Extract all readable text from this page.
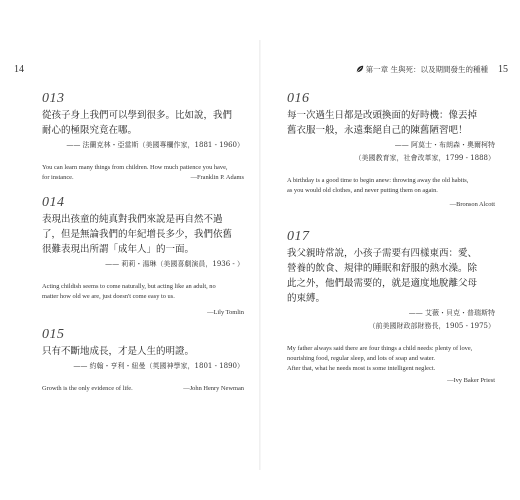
14
013
從孩子身上我們可以學到很多。比如說，我們
耐心的極限究竟在哪。
—— 法蘭克林・亞當斯（美國專欄作家，1881 - 1960）
You can learn many things from children. How much patience you have,
for instance.	—Franklin P. Adams
014
表現出孩童的純真對我們來說是再自然不過
了，但是無論我們的年紀增長多少，我們依舊
很難表現出所謂「成年人」的一面。
—— 莉莉・湯琳（美國喜劇演員，1936 - ）
Acting childish seems to come naturally, but acting like an adult, no
matter how old we are, just doesn't come easy to us.
—Lily Tomlin
015
只有不斷地成長，才是人生的明證。
—— 約翰・亨利・紐曼（英國神學家，1801 - 1890）
Growth is the only evidence of life.	—John Henry Newman
第一章 生與死：以及期間發生的種種 15
016
每一次過生日都是改頭換面的好時機：像丟掉
舊衣服一般，永遠棄絕自己的陳舊陋習吧！
—— 阿莫士・布朗森・奧爾柯特
（美國教育家，社會改革家，1799 - 1888）
A birthday is a good time to begin anew: throwing away the old habits,
as you would old clothes, and never putting them on again.
—Bronson Alcott
017
我父親時常說，小孩子需要有四樣東西：愛、
營養的飲食、規律的睡眠和舒服的熱水澡。除
此之外，他們最需要的，就是適度地脫離父母
的束縛。
—— 艾薇・貝克・普瑞斯特
（前美國財政部財務長，1905 - 1975）
My father always said there are four things a child needs: plenty of love,
nourishing food, regular sleep, and lots of soap and water.
After that, what he needs most is some intelligent neglect.
—Ivy Baker Priest
